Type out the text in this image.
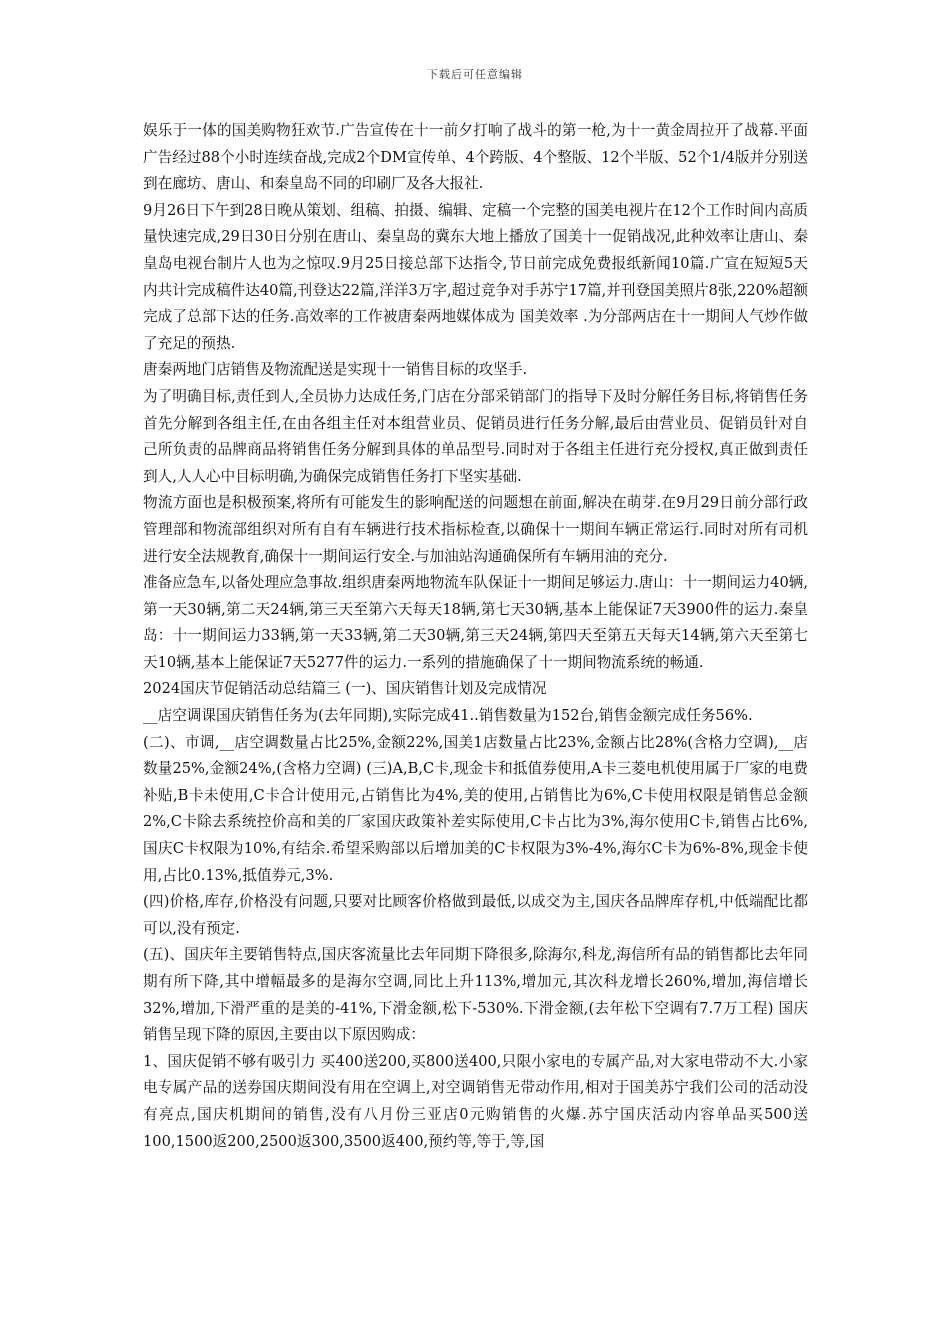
下载后可任意编辑

娱乐于一体的国美购物狂欢节.广告宣传在十一前夕打响了战斗的第一枪,为十一黄金周拉开了战幕.平面广告经过88个小时连续奋战,完成2个DM宣传单、4个跨版、4个整版、12个半版、52个1/4版并分别送到在廊坊、唐山、和秦皇岛不同的印刷厂及各大报社.

9月26日下午到28日晚从策划、组稿、拍摄、编辑、定稿一个完整的国美电视片在12个工作时间内高质量快速完成,29日30日分别在唐山、秦皇岛的冀东大地上播放了国美十一促销战况,此种效率让唐山、秦皇岛电视台制片人也为之惊叹.9月25日接总部下达指令,节日前完成免费报纸新闻10篇.广宣在短短5天内共计完成稿件达40篇,刊登达22篇,洋洋3万字,超过竞争对手苏宁17篇,并刊登国美照片8张,220%超额完成了总部下达的任务.高效率的工作被唐秦两地媒体成为 国美效率 .为分部两店在十一期间人气炒作做了充足的预热.

唐秦两地门店销售及物流配送是实现十一销售目标的攻坚手.

为了明确目标,责任到人,全员协力达成任务,门店在分部采销部门的指导下及时分解任务目标,将销售任务首先分解到各组主任,在由各组主任对本组营业员、促销员进行任务分解,最后由营业员、促销员针对自己所负责的品牌商品将销售任务分解到具体的单品型号.同时对于各组主任进行充分授权,真正做到责任到人,人人心中目标明确,为确保完成销售任务打下坚实基础.

物流方面也是积极预案,将所有可能发生的影响配送的问题想在前面,解决在萌芽.在9月29日前分部行政管理部和物流部组织对所有自有车辆进行技术指标检查,以确保十一期间车辆正常运行.同时对所有司机进行安全法规教育,确保十一期间运行安全.与加油站沟通确保所有车辆用油的充分.

准备应急车,以备处理应急事故.组织唐秦两地物流车队保证十一期间足够运力.唐山：十一期间运力40辆,第一天30辆,第二天24辆,第三天至第六天每天18辆,第七天30辆,基本上能保证7天3900件的运力.秦皇岛：十一期间运力33辆,第一天33辆,第二天30辆,第三天24辆,第四天至第五天每天14辆,第六天至第七天10辆,基本上能保证7天5277件的运力.一系列的措施确保了十一期间物流系统的畅通.

2024国庆节促销活动总结篇三 (一)、国庆销售计划及完成情况

__店空调课国庆销售任务为(去年同期),实际完成41..销售数量为152台,销售金额完成任务56%.

(二)、市调,__店空调数量占比25%,金额22%,国美1店数量占比23%,金额占比28%(含格力空调),__店数量25%,金额24%,(含格力空调) (三)A,B,C卡,现金卡和抵值券使用,A卡三菱电机使用属于厂家的电费补贴,B卡未使用,C卡合计使用元,占销售比为4%,美的使用,占销售比为6%,C卡使用权限是销售总金额2%,C卡除去系统控价高和美的厂家国庆政策补差实际使用,C卡占比为3%,海尔使用C卡,销售占比6%,国庆C卡权限为10%,有结余.希望采购部以后增加美的C卡权限为3%-4%,海尔C卡为6%-8%,现金卡使用,占比0.13%,抵值券元,3%.

(四)价格,库存,价格没有问题,只要对比顾客价格做到最低,以成交为主,国庆各品牌库存机,中低端配比都可以,没有预定.

(五)、国庆年主要销售特点,国庆客流量比去年同期下降很多,除海尔,科龙,海信所有品的销售都比去年同期有所下降,其中增幅最多的是海尔空调,同比上升113%,增加元,其次科龙增长260%,增加,海信增长32%,增加,下滑严重的是美的-41%,下滑金额,松下-530%.下滑金额,(去年松下空调有7.7万工程) 国庆销售呈现下降的原因,主要由以下原因购成：

1、国庆促销不够有吸引力 买400送200,买800送400,只限小家电的专属产品,对大家电带动不大.小家电专属产品的送券国庆期间没有用在空调上,对空调销售无带动作用,相对于国美苏宁我们公司的活动没有亮点,国庆机期间的销售,没有八月份三亚店0元购销售的火爆.苏宁国庆活动内容单品买500送100,1500返200,2500返300,3500返400,预约等,等于,等,国
